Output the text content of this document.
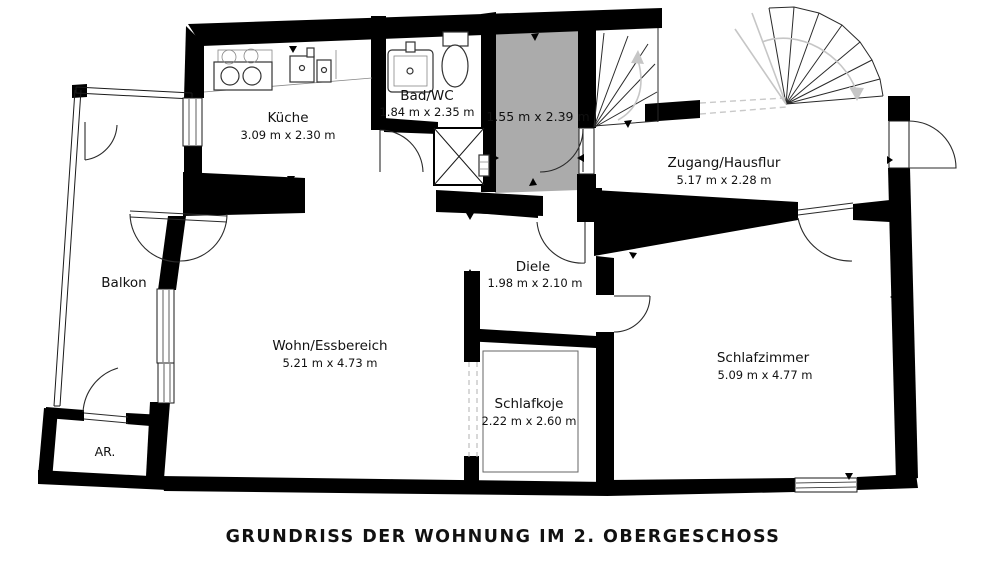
Küche
3.09 m x 2.30 m
Bad/WC
1.84 m x 2.35 m 1.55 m x 2.39 m
Zugang/Hausflur
5.17 m x 2.28 m
Balkon
Diele
1.98 m x 2.10 m
Wohn/Essbereich
5.21 m x 4.73 m
Schlafkoje
2.22 m x 2.60 m
Schlafzimmer
5.09 m x 4.77 m
AR.
GRUNDRISS DER WOHNUNG IM 2. OBERGESCHOSS
